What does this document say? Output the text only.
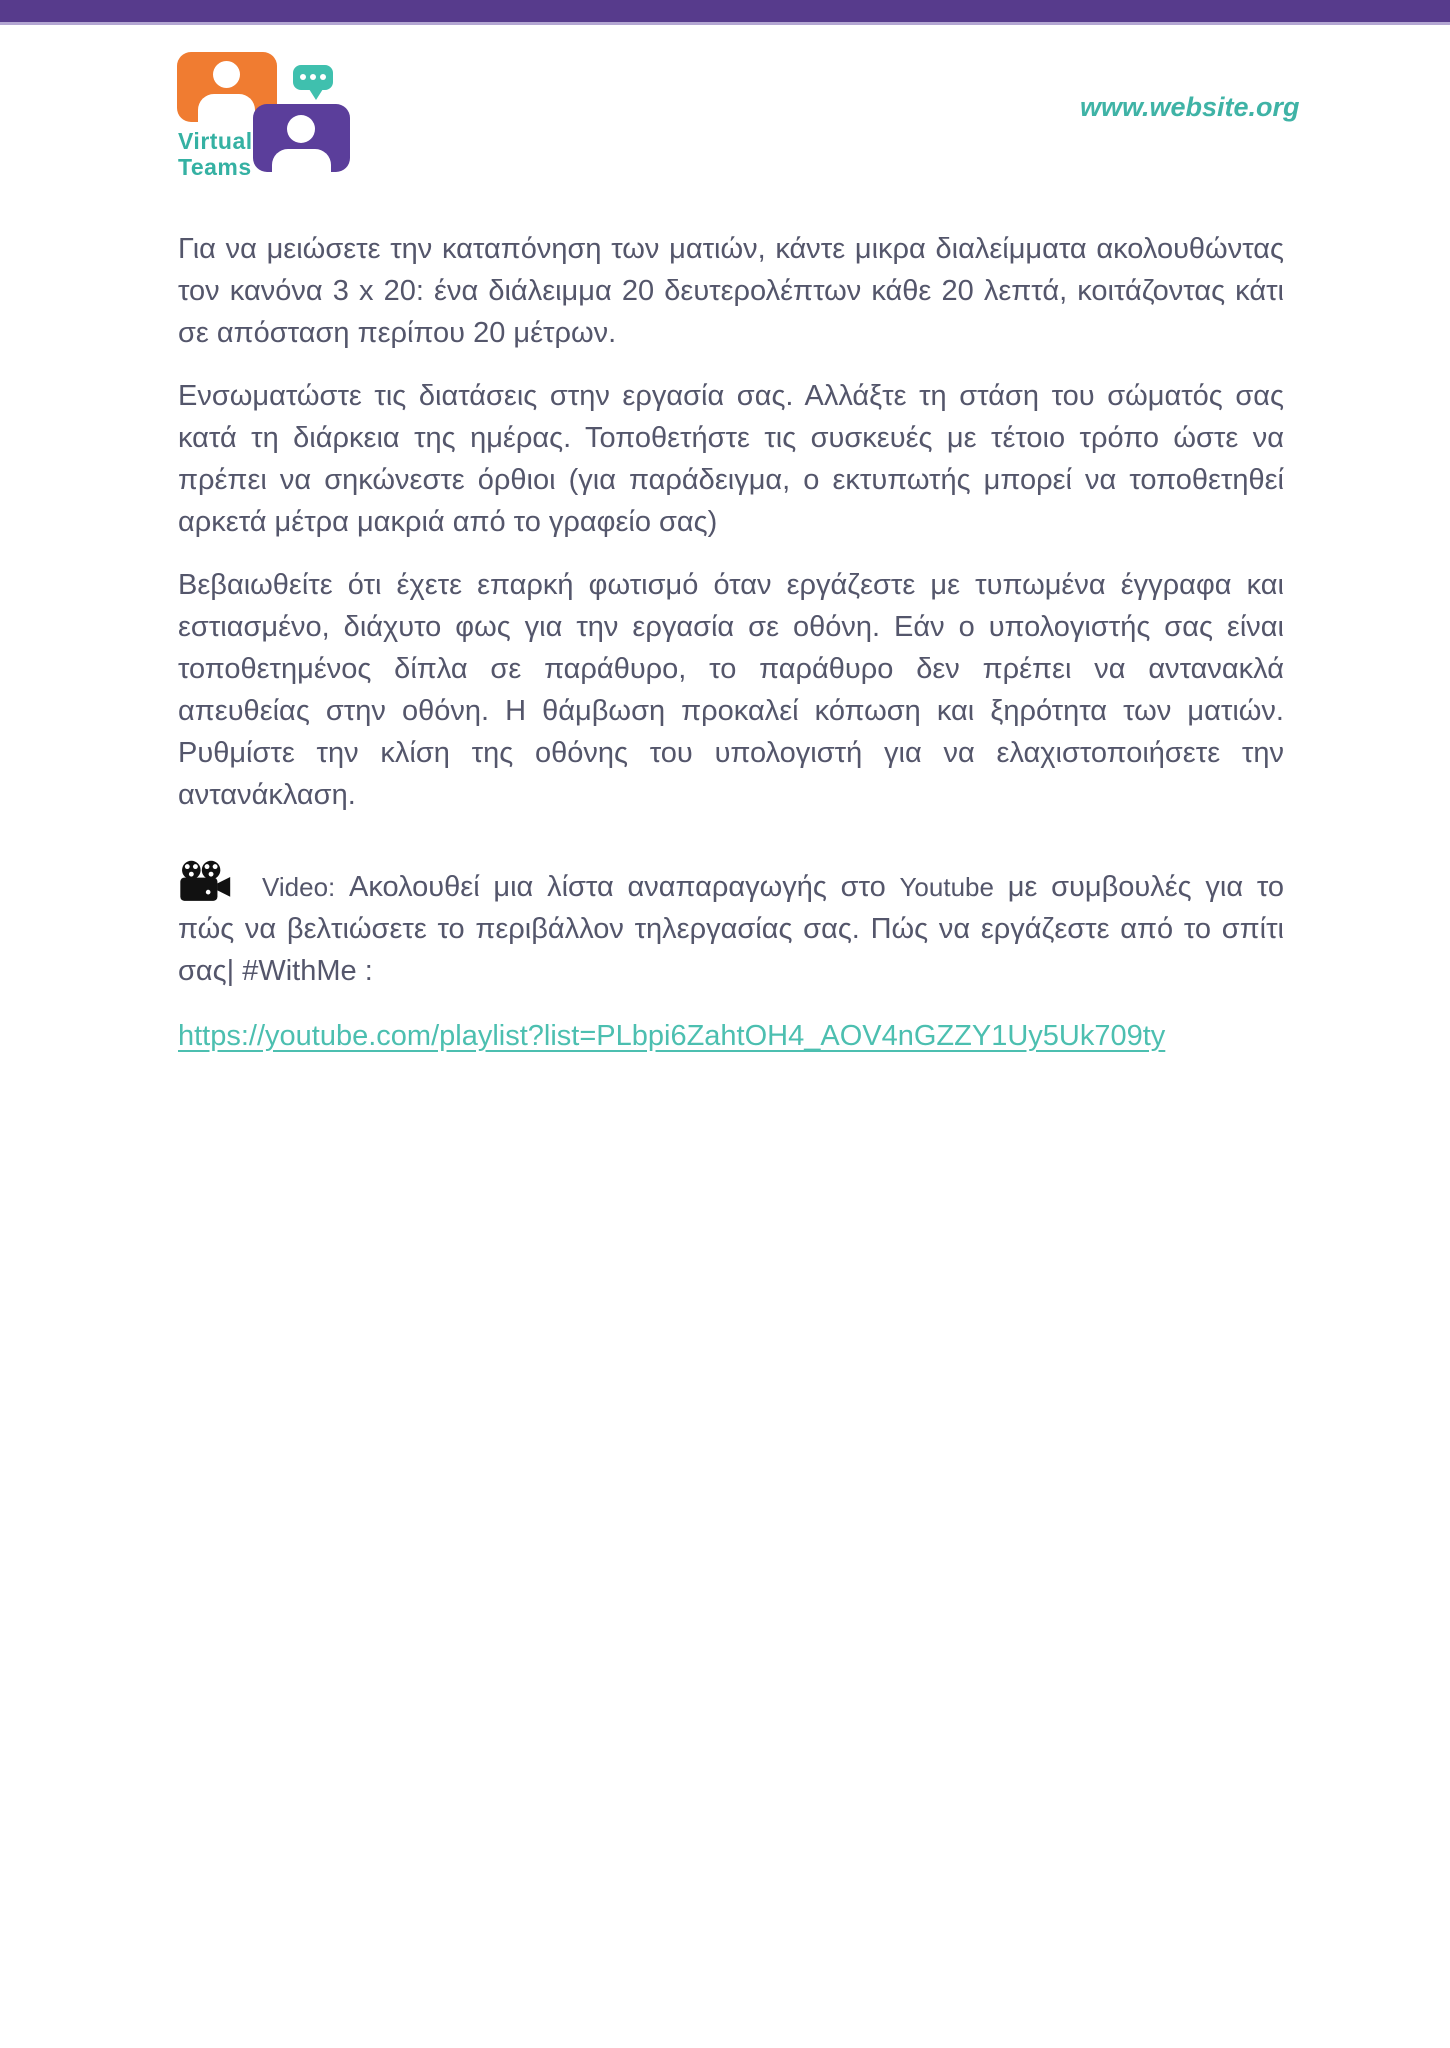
Virtual
Teams
www.website.org

Για να μειώσετε την καταπόνηση των ματιών, κάντε μικρα διαλείμματα ακολουθώντας τον κανόνα 3 x 20: ένα διάλειμμα 20 δευτερολέπτων κάθε 20 λεπτά, κοιτάζοντας κάτι σε απόσταση περίπου 20 μέτρων.

Ενσωματώστε τις διατάσεις στην εργασία σας. Αλλάξτε τη στάση του σώματός σας κατά τη διάρκεια της ημέρας. Τοποθετήστε τις συσκευές με τέτοιο τρόπο ώστε να πρέπει να σηκώνεστε όρθιοι (για παράδειγμα, ο εκτυπωτής μπορεί να τοποθετηθεί αρκετά μέτρα μακριά από το γραφείο σας)

Βεβαιωθείτε ότι έχετε επαρκή φωτισμό όταν εργάζεστε με τυπωμένα έγγραφα και εστιασμένο, διάχυτο φως για την εργασία σε οθόνη. Εάν ο υπολογιστής σας είναι τοποθετημένος δίπλα σε παράθυρο, το παράθυρο δεν πρέπει να αντανακλά απευθείας στην οθόνη. Η θάμβωση προκαλεί κόπωση και ξηρότητα των ματιών. Ρυθμίστε την κλίση της οθόνης του υπολογιστή για να ελαχιστοποιήσετε την αντανάκλαση.

Video: Ακολουθεί μια λίστα αναπαραγωγής στο Youtube με συμβουλές για το πώς να βελτιώσετε το περιβάλλον τηλεργασίας σας. Πώς να εργάζεστε από το σπίτι σας| #WithMe :

https://youtube.com/playlist?list=PLbpi6ZahtOH4_AOV4nGZZY1Uy5Uk709ty
